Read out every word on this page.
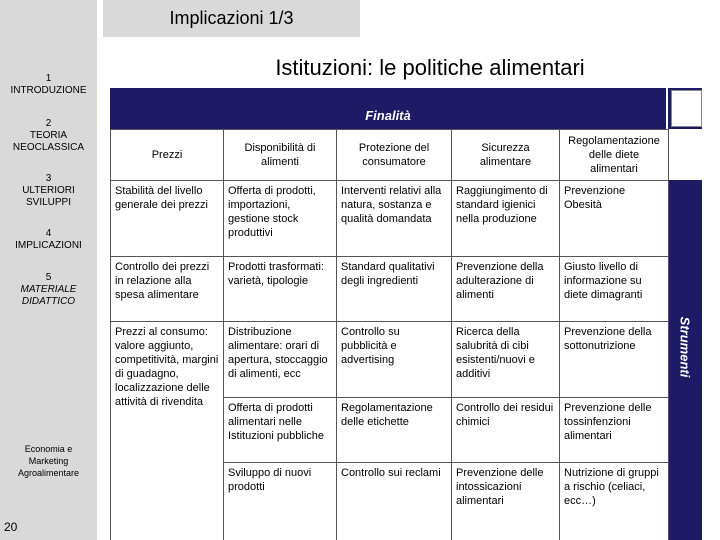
1
INTRODUZIONE
2
TEORIA NEOCLASSICA
3
ULTERIORI SVILUPPI
4
IMPLICAZIONI
5
MATERIALE DIDATTICO
Economia e Marketing Agroalimentare
20
Implicazioni 1/3
Istituzioni: le politiche alimentari
Finalità
Strumenti
Prezzi	Disponibilità di alimenti	Protezione del consumatore	Sicurezza alimentare	Regolamentazione delle diete alimentari
Stabilità del livello generale dei prezzi	Offerta di prodotti, importazioni, gestione stock produttivi	Interventi relativi alla natura, sostanza e qualità domandata	Raggiungimento di standard igienici nella produzione	Prevenzione Obesità
Controllo dei prezzi in relazione alla spesa alimentare	Prodotti trasformati: varietà, tipologie	Standard qualitativi degli ingredienti	Prevenzione della adulterazione di alimenti	Giusto livello di informazione su diete dimagranti
Prezzi al consumo: valore aggiunto, competitività, margini di guadagno, localizzazione delle attività di rivendita	Distribuzione alimentare: orari di apertura, stoccaggio di alimenti, ecc	Controllo su pubblicità e advertising	Ricerca della salubrità di cibi esistenti/nuovi e additivi	Prevenzione della sottonutrizione
	Offerta di prodotti alimentari nelle Istituzioni pubbliche	Regolamentazione delle etichette	Controllo dei residui chimici	Prevenzione delle tossinfenzioni alimentari
	Sviluppo di nuovi prodotti	Controllo sui reclami	Prevenzione delle intossicazioni alimentari	Nutrizione di gruppi a rischio (celiaci, ecc…)
